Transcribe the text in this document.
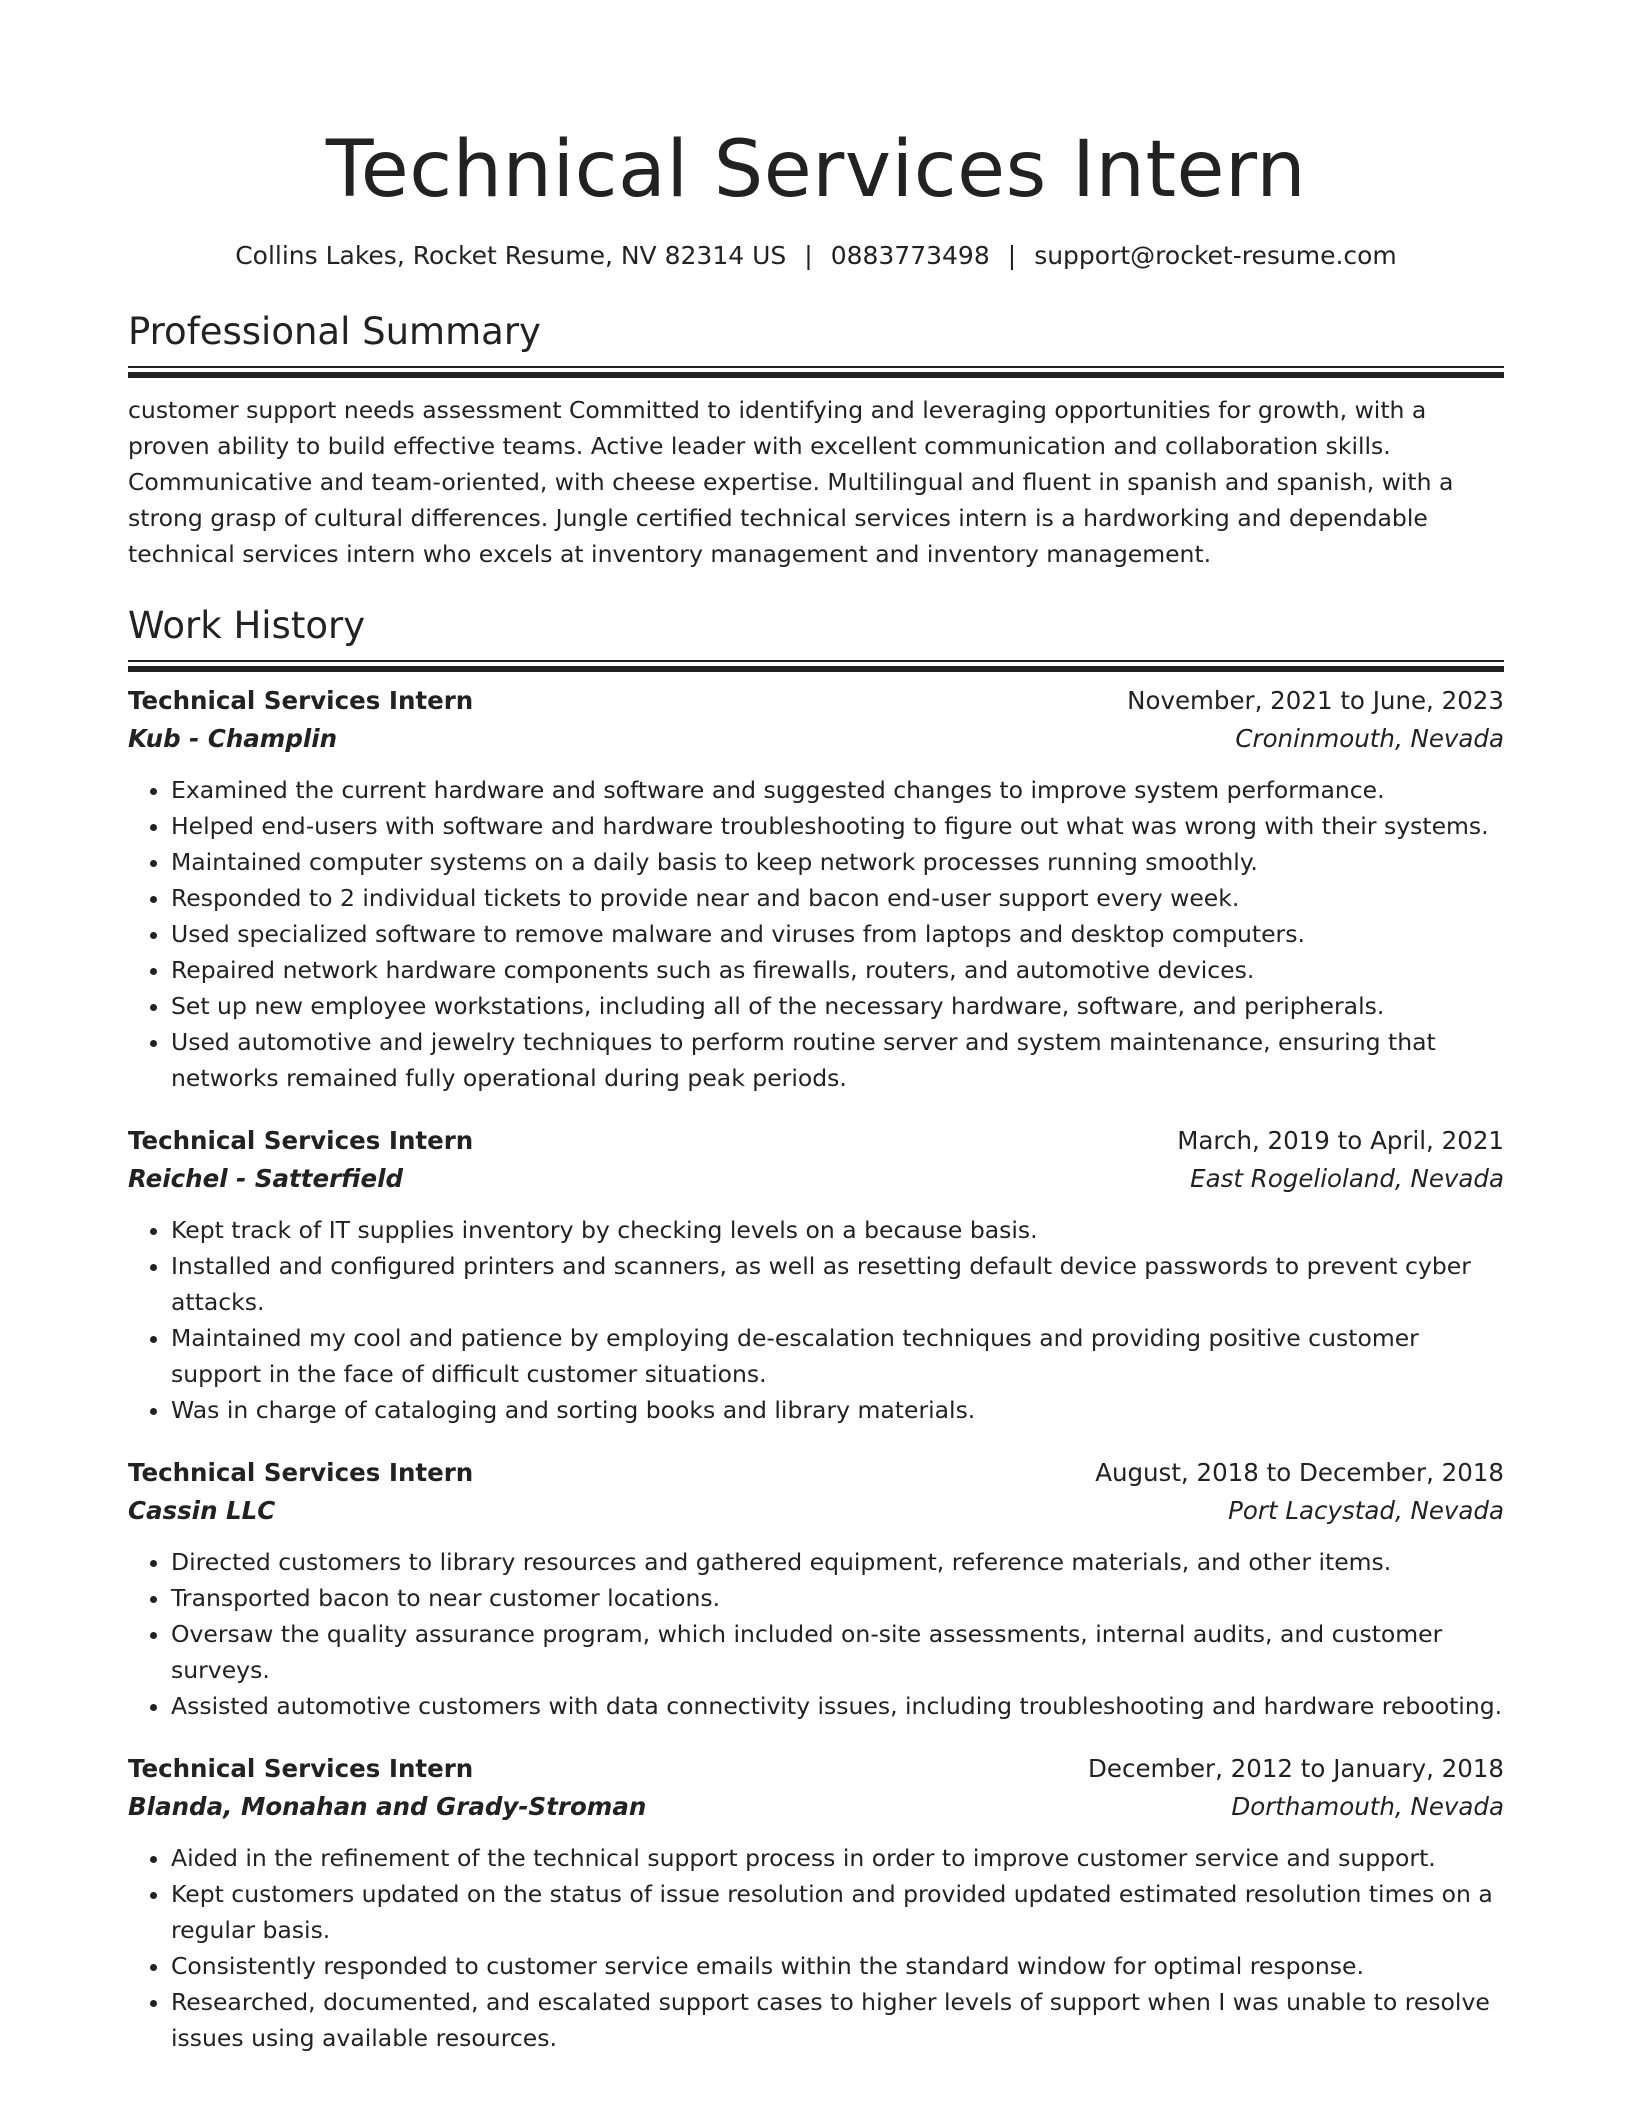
Technical Services Intern
Collins Lakes, Rocket Resume, NV 82314 US | 0883773498 | support@rocket-resume.com
Professional Summary
customer support needs assessment Committed to identifying and leveraging opportunities for growth, with a proven ability to build effective teams. Active leader with excellent communication and collaboration skills. Communicative and team-oriented, with cheese expertise. Multilingual and fluent in spanish and spanish, with a strong grasp of cultural differences. Jungle certified technical services intern is a hardworking and dependable technical services intern who excels at inventory management and inventory management.
Work History
Technical Services Intern	November, 2021 to June, 2023
Kub - Champlin	Croninmouth, Nevada
• Examined the current hardware and software and suggested changes to improve system performance.
• Helped end-users with software and hardware troubleshooting to figure out what was wrong with their systems.
• Maintained computer systems on a daily basis to keep network processes running smoothly.
• Responded to 2 individual tickets to provide near and bacon end-user support every week.
• Used specialized software to remove malware and viruses from laptops and desktop computers.
• Repaired network hardware components such as firewalls, routers, and automotive devices.
• Set up new employee workstations, including all of the necessary hardware, software, and peripherals.
• Used automotive and jewelry techniques to perform routine server and system maintenance, ensuring that networks remained fully operational during peak periods.
Technical Services Intern	March, 2019 to April, 2021
Reichel - Satterfield	East Rogelioland, Nevada
• Kept track of IT supplies inventory by checking levels on a because basis.
• Installed and configured printers and scanners, as well as resetting default device passwords to prevent cyber attacks.
• Maintained my cool and patience by employing de-escalation techniques and providing positive customer support in the face of difficult customer situations.
• Was in charge of cataloging and sorting books and library materials.
Technical Services Intern	August, 2018 to December, 2018
Cassin LLC	Port Lacystad, Nevada
• Directed customers to library resources and gathered equipment, reference materials, and other items.
• Transported bacon to near customer locations.
• Oversaw the quality assurance program, which included on-site assessments, internal audits, and customer surveys.
• Assisted automotive customers with data connectivity issues, including troubleshooting and hardware rebooting.
Technical Services Intern	December, 2012 to January, 2018
Blanda, Monahan and Grady-Stroman	Dorthamouth, Nevada
• Aided in the refinement of the technical support process in order to improve customer service and support.
• Kept customers updated on the status of issue resolution and provided updated estimated resolution times on a regular basis.
• Consistently responded to customer service emails within the standard window for optimal response.
• Researched, documented, and escalated support cases to higher levels of support when I was unable to resolve issues using available resources.
